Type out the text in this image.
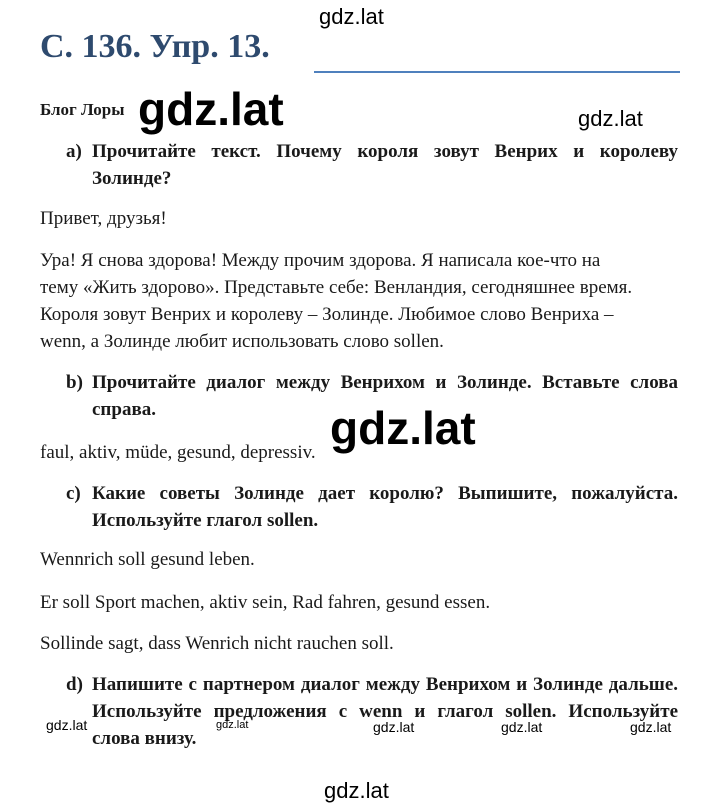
С. 136. Упр. 13.
Блог Лоры
a) Прочитайте текст. Почему короля зовут Венрих и королеву Золинде?
Привет, друзья!
Ура! Я снова здорова! Между прочим здорова. Я написала кое-что на
тему «Жить здорово». Представьте себе: Венландия, сегодняшнее время.
Короля зовут Венрих и королеву – Золинде. Любимое слово Венриха –
wenn, а Золинде любит использовать слово sollen.
b) Прочитайте диалог между Венрихом и Золинде. Вставьте слова справа.
faul, aktiv, müde, gesund, depressiv.
c) Какие советы Золинде дает королю? Выпишите, пожалуйста. Используйте глагол sollen.
Wennrich soll gesund leben.
Er soll Sport machen, aktiv sein, Rad fahren, gesund essen.
Sollinde sagt, dass Wenrich nicht rauchen soll.
d) Напишите с партнером диалог между Венрихом и Золинде дальше. Используйте предложения с wenn и глагол sollen. Используйте слова внизу.
gdz.lat
gdz.lat	gdz.lat
gdz.lat
gdz.lat	gdz.lat	gdz.lat	gdz.lat	gdz.lat
gdz.lat
